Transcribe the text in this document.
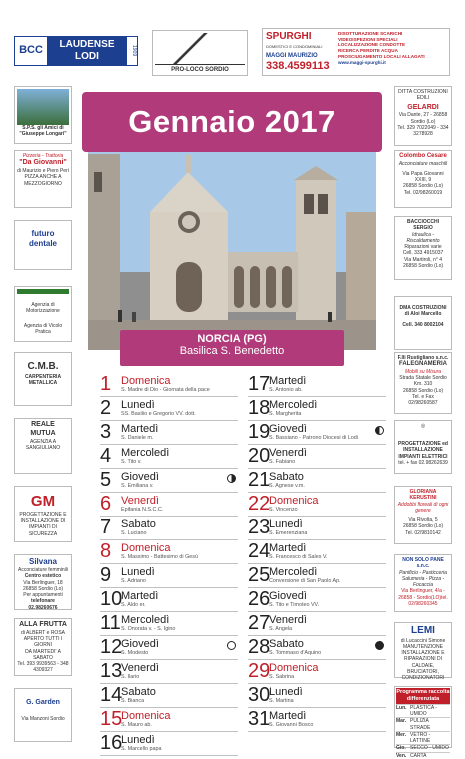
BCC
LAUDENSE LODI	1909
PRO-LOCO SORDIO
SPURGHI
DOMESTICI E CONDOMINIALI
MAGGI MAURIZIO
338.4599113
DISOTTURAZIONE SCARICHI
VIDEOISPEZIONI SPECIALI
LOCALIZZAZIONE CONDOTTE
RICERCA PERDITE ACQUA
PROSCIUGAMENTO LOCALI ALLAGATI
www.maggi-spurghi.it
Gennaio 2017
NORCIA (PG)
Basilica S. Benedetto
1 Domenica
S. Madre di Dio - Giornata della pace
2 Lunedì
SS. Basilio e Gregorio VV. dott.
3 Martedì
S. Daniele m.
4 Mercoledì
S. Tito v.
5 Giovedì
S. Emiliana v.
6 Venerdì
Epifania N.S.C.C.
7 Sabato
S. Luciano
8 Domenica
S. Massimo - Battesimo di Gesù
9 Lunedì
S. Adriano
10
Martedì
S. Aldo er.
11 Mercoledì
S. Onorata v. - S. Igino
12
Giovedì
S. Modesto
13
Venerdì
S. Ilario
14
Sabato
S. Bianca
15
Domenica
S. Mauro ab.
16
Lunedì
S. Marcello papa
17
Martedì
S. Antonio ab.
18
Mercoledì
S. Margherita
19
Giovedì
S. Bassiano - Patrono Diocesi di Lodi
20
Venerdì
S. Fabiano
21
Sabato
S. Agnese v.m.
22
Domenica
S. Vincenzo
23
Lunedì
S. Emerenziana
24
Martedì
S. Francesco di Sales V.
25
Mercoledì
Conversione di San Paolo Ap.
26
Giovedì
S. Tito e Timoteo VV.
27
Venerdì
S. Angela
28
Sabato
S. Tommaso d'Aquino
29
Domenica
S. Sabrina
30
Lunedì
S. Martina
31
Martedì
S. Giovanni Bosco
S.P.S. gli Amici di
"Giuseppe Longari"
Pizzeria - Trattoria
"Da Giovanni"
di Maurizio e Piero Peri
PIZZA ANCHE A MEZZOGIORNO
futuro
dentale
Agenzia di Motorizzazione
Agenzia di Vicolo Pratica
C.M.B.
CARPENTERIA METALLICA
REALE
MUTUA
AGENZIA A SANGIULIANO
GM
PROGETTAZIONE E INSTALLAZIONE DI IMPIANTI DI SICUREZZA
Silvana
Acconciature femminili
Centro estetico
Via Berlinguer, 18
26858 Sordio (Lo)
Per appuntamenti
telefonare 02.98260676
ALLA FRUTTA
di ALBERT e ROSA
APERTO TUTTI I GIORNI
DA MARTEDI' A SABATO
Tel. 393 9939563 - 348 4309327
G. Garden
Via Manzoni Sordio
DITTA COSTRUZIONI EDILI
GELARDI
Via Dante, 27 - 26858 Sordio (Lo)
Tel. 329 7022049 - 334 3278928
Colombo Cesare
Acconciature maschili
Via Papa Giovanni XXIII, 9
26858 Sordio (Lo)
Tel. 02/98260019
BACCIOCCHI SERGIO
Idraulica - Riscaldamento
Riparazioni varie
Cell. 333 4915037
Via Martiroli, n° 4
26858 Sordio (Lo)
DMA COSTRUZIONI
di Aloi Marcello
Cell. 340 8002104
F.lli Rustigliano s.n.c.
FALEGNAMERIA
Mobili su Misura
Strada Statale Sordio Km. 310
26858 Sordio (Lo)
Tel. e Fax 02/98260587
◎
PROGETTAZIONE ed INSTALLAZIONE
IMPIANTI ELETTRICI
tel. + fax 02.98262639
GLORIANA KERUSTINI
Addobbi floreali di ogni genere
Via Rivolta, 5
26858 Sordio (Lo)
Tel. 02/9810142
NON SOLO PANE s.n.c.
Panificio - Pasticceria Salumeria - Pizza - Focaccia
Via Berlinguer, 4/a - 26858 - Sordio(LO)tel. 02/98260345
LEMI
di Lucaccini Simone
MANUTENZIONE INSTALLAZIONE E RIPARAZIONI DI CALDAIE, BRUCIATORI, CONDIZIONATORI
Programma raccolta differenziata
Lun. PLASTICA - UMIDO
Mar. PULIZIA STRADE
Mer. VETRO - LATTINE
Gio. SECCO - UMIDO
Ven. CARTA
